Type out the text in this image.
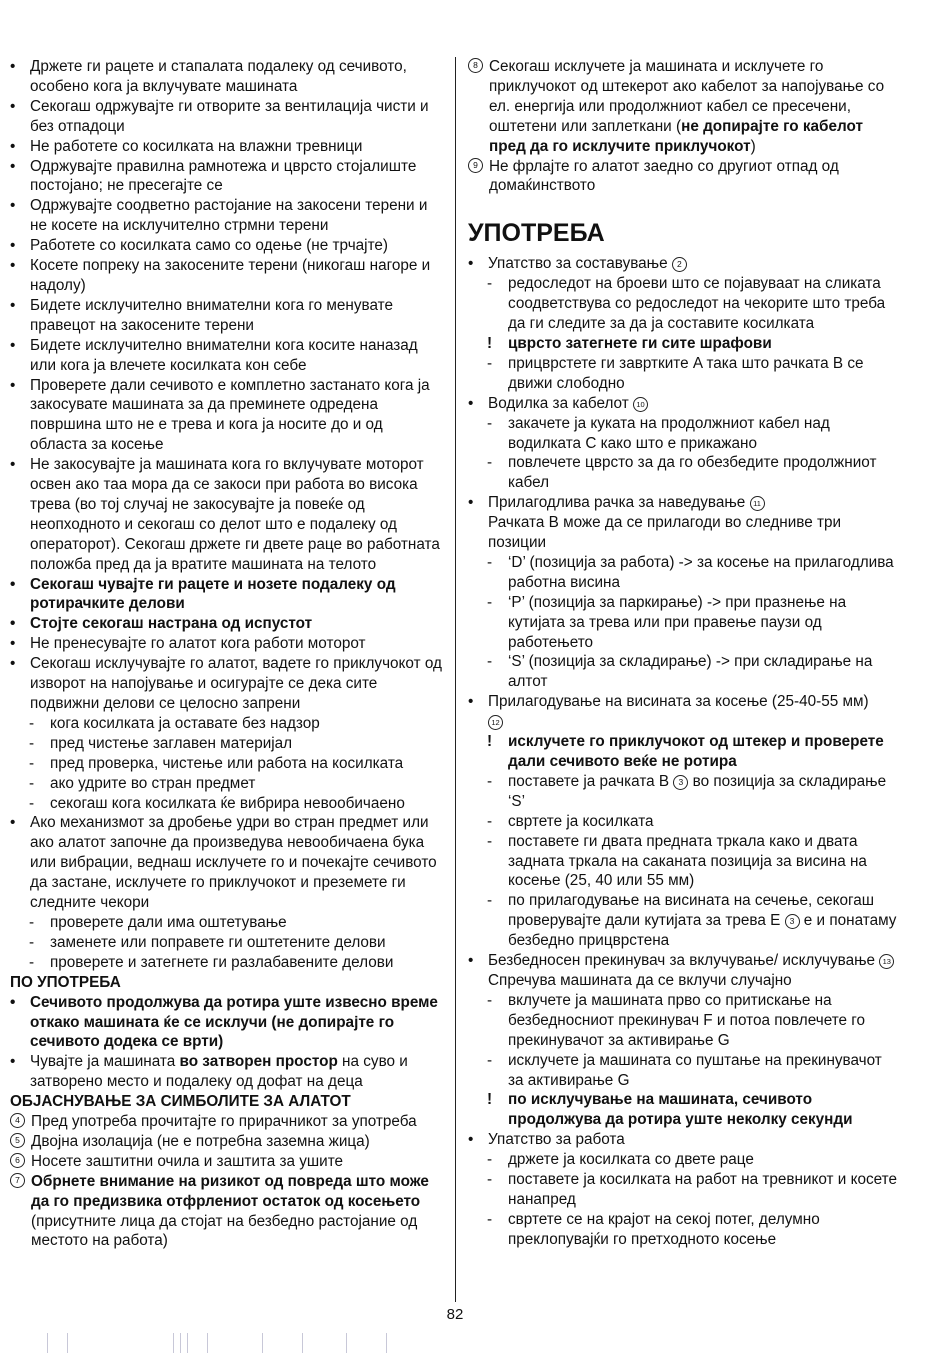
• Држете ги рацете и стапалата подалеку од сечивото, особено кога ја вклучувате машината
• Секогаш одржувајте ги отворите за вентилација чисти и без отпадоци
• Не работете со косилката на влажни тревници
• Одржувајте правилна рамнотежа и цврсто стојалиште постојано; не пресегајте се
• Одржувајте соодветно растојание на закосени терени и не косете на исклучително стрмни терени
• Работете со косилката само со одење (не трчајте)
• Косете попреку на закосените терени (никогаш нагоре и надолу)
• Бидете исклучително внимателни кога го менувате правецот на закосените терени
• Бидете исклучително внимателни кога косите наназад или кога ја влечете косилката кон себе
• Проверете дали сечивото е комплетно застанато кога ја закосувате машината за да преминете одредена површина што не е трева и кога ја носите до и од областа за косење
• Не закосувајте ја машината кога го вклучувате моторот освен ако таа мора да се закоси при работа во висока трева (во тој случај не закосувајте ја повеќе од неопходното и секогаш со делот што е подалеку од операторот). Секогаш држете ги двете раце во работната положба пред да ја вратите машината на телото
• Секогаш чувајте ги рацете и нозете подалеку од ротирачките делови
• Стојте секогаш настрана од испустот
• Не пренесувајте го алатот кога работи моторот
• Секогаш исклучувајте го алатот, вадете го приклучокот од изворот на напојување и осигурајте се дека сите подвижни делови се целосно запрени
-	кога косилката ја оставате без надзор
-	пред чистење заглавен материјал
-	пред проверка, чистење или работа на косилката
-	ако удрите во стран предмет
-	секогаш кога косилката ќе вибрира невообичаено
• Ако механизмот за дробење удри во стран предмет или ако алатот започне да произведува невообичаена бука или вибрации, веднаш исклучете го и почекајте сечивото да застане, исклучете го приклучокот и преземете ги следните чекори
-	проверете дали има оштетување
-	заменете или поправете ги оштетените делови
-	проверете и затегнете ги разлабавените делови
ПО УПОТРЕБА
• Сечивото продолжува да ротира уште извесно време откако машината ќе се исклучи (не допирајте го сечивото додека се врти)
• Чувајте ја машината во затворен простор на суво и затворено место и подалеку од дофат на деца
ОБЈАСНУВАЊЕ ЗА СИМБОЛИТЕ ЗА АЛАТОТ
4 Пред употреба прочитајте го прирачникот за употреба
5 Двојна изолација (не е потребна заземна жица)
6 Носете заштитни очила и заштита за ушите
7 Обрнете внимание на ризикот од повреда што може да го предизвика отфрлениот остаток од косењето (присутните лица да стојат на безбедно растојание од местото на работа)
8 Секогаш исклучете ја машината и исклучете го приклучокот од штекерот ако кабелот за напојување со ел. енергија или продолжниот кабел се пресечени, оштетени или заплеткани (не допирајте го кабелот пред да го исклучите приклучокот)
9 Не фрлајте го алатот заедно со другиот отпад од домаќинството
УПОТРЕБА
• Упатство за составување 2
-	редоследот на броеви што се појавуваат на сликата соодветствува со редоследот на чекорите што треба да ги следите за да ја составите косилката
!	цврсто затегнете ги сите шрафови
-	прицврстете ги завртките A така што рачката B се движи слободно
• Водилка за кабелот 10
-	закачете ја куката на продолжниот кабел над водилката C како што е прикажано
-	повлечете цврсто за да го обезбедите продолжниот кабел
• Прилагодлива рачка за наведување 11
Рачката B може да се прилагоди во следниве три позиции
-	‘D’ (позиција за работа) -> за косење на прилагодлива работна висина
-	‘P’ (позиција за паркирање) -> при празнење на кутијата за трева или при правење паузи од работењето
-	‘S’ (позиција за складирање) -> при складирање на алтот
• Прилагодување на висината за косење (25-40-55 мм)
12
!	исклучете го приклучокот од штекер и проверете дали сечивото веќе не ротира
-	поставете ја рачката B 3 во позиција за складирање ‘S’
-	свртете ја косилката
-	поставете ги двата предната тркала како и двата задната тркала на саканата позиција за висина на косење (25, 40 или 55 мм)
-	по прилагодување на висината на сечење, секогаш проверувајте дали кутијата за трева E 3 е и понатаму безбедно прицврстена
• Безбедносен прекинувач за вклучување/ исклучување 13
Спречува машината да се вклучи случајно
-	вклучете ја машината прво со притискање на безбедносниот прекинувач F и потоа повлечете го прекинувачот за активирање G
-	исклучете ја машината со пуштање на прекинувачот за активирање G
!	по исклучување на машината, сечивото продолжува да ротира уште неколку секунди
• Упатство за работа
-	држете ја косилката со двете раце
-	поставете ја косилката на работ на тревникот и косете нанапред
-	свртете се на крајот на секој потег, делумно преклопувајќи го претходното косење
82
